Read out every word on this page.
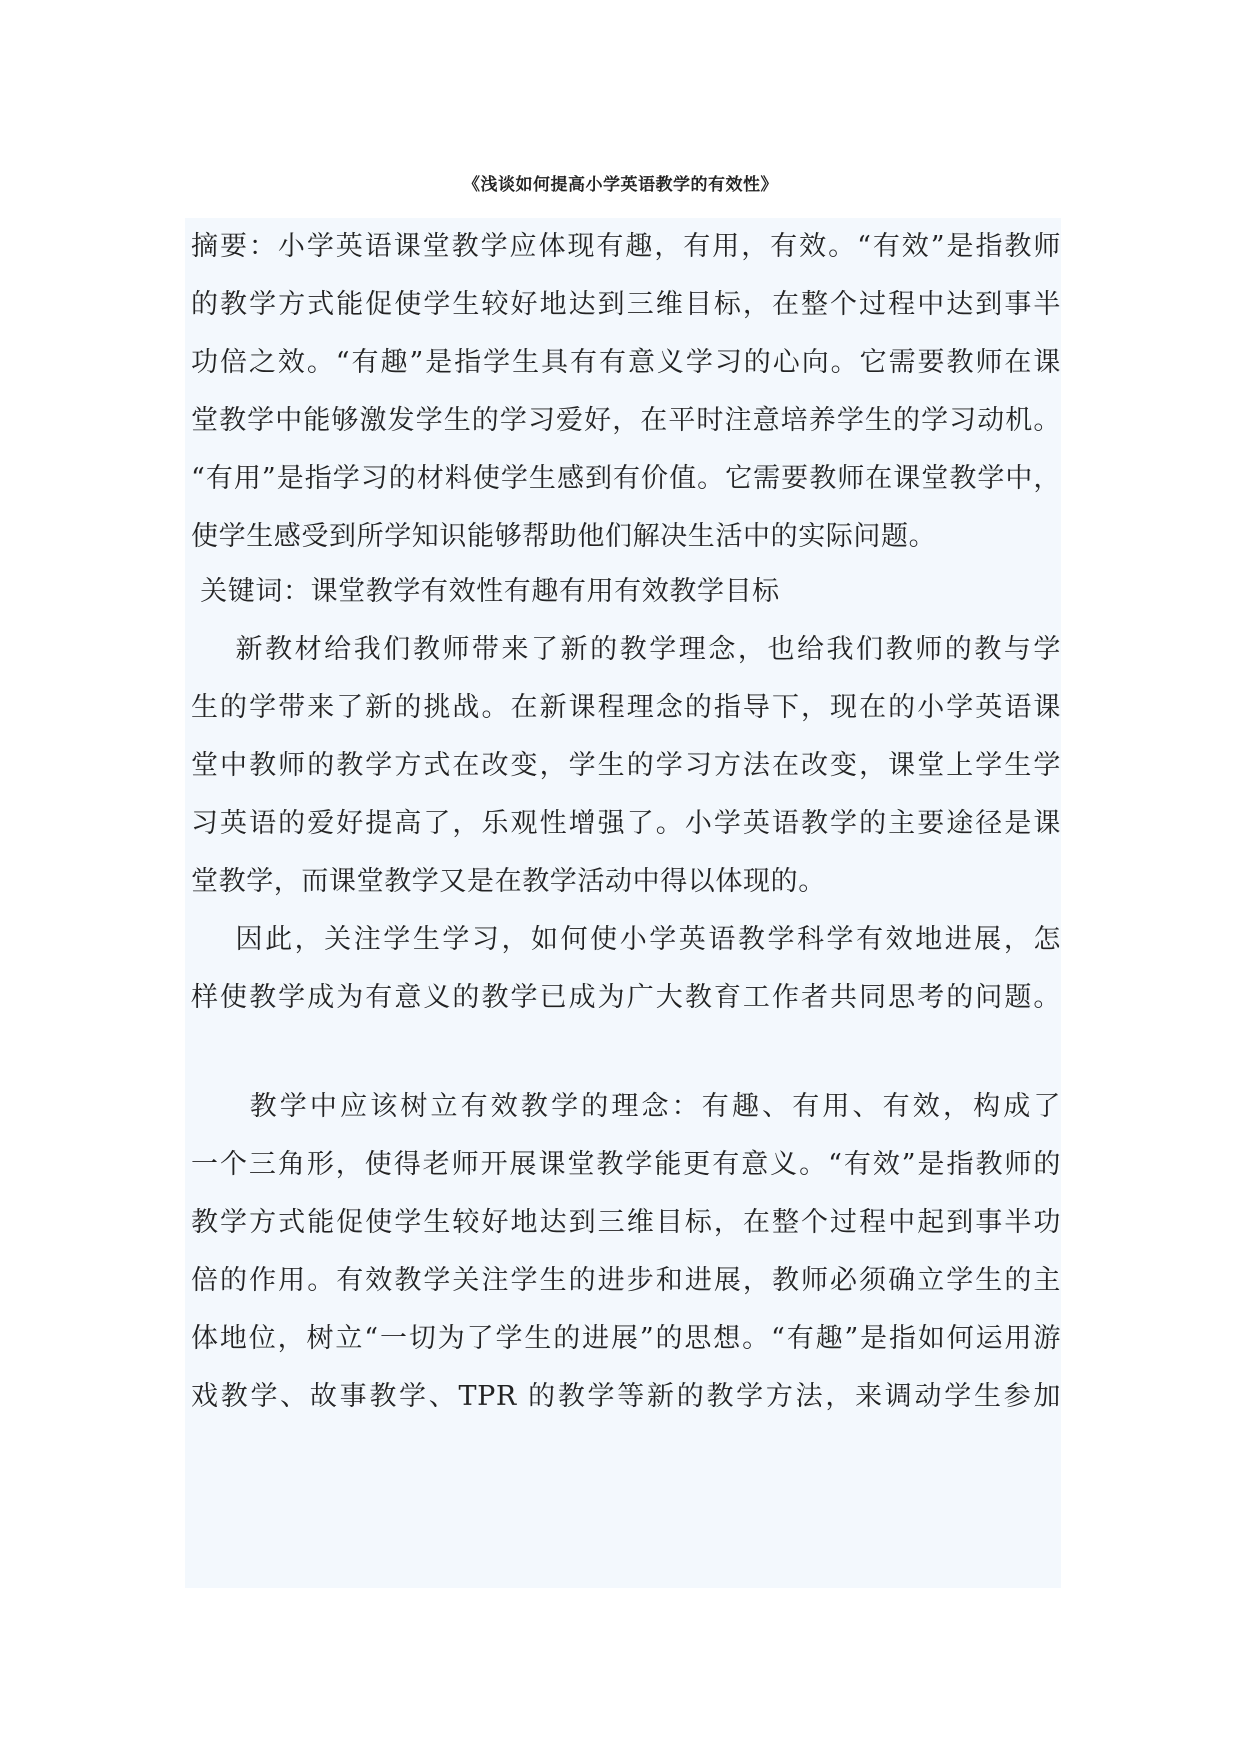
《浅谈如何提高小学英语教学的有效性》
摘要：小学英语课堂教学应体现有趣，有用，有效。“有效”是指教师
的教学方式能促使学生较好地达到三维目标，在整个过程中达到事半
功倍之效。“有趣”是指学生具有有意义学习的心向。它需要教师在课
堂教学中能够激发学生的学习爱好，在平时注意培养学生的学习动机。
“有用”是指学习的材料使学生感到有价值。它需要教师在课堂教学中，
使学生感受到所学知识能够帮助他们解决生活中的实际问题。
关键词：课堂教学有效性有趣有用有效教学目标
新教材给我们教师带来了新的教学理念，也给我们教师的教与学
生的学带来了新的挑战。在新课程理念的指导下，现在的小学英语课
堂中教师的教学方式在改变，学生的学习方法在改变，课堂上学生学
习英语的爱好提高了，乐观性增强了。小学英语教学的主要途径是课
堂教学，而课堂教学又是在教学活动中得以体现的。
因此，关注学生学习，如何使小学英语教学科学有效地进展，怎
样使教学成为有意义的教学已成为广大教育工作者共同思考的问题。
教学中应该树立有效教学的理念：有趣、有用、有效，构成了
一个三角形，使得老师开展课堂教学能更有意义。“有效”是指教师的
教学方式能促使学生较好地达到三维目标，在整个过程中起到事半功
倍的作用。有效教学关注学生的进步和进展，教师必须确立学生的主
体地位，树立“一切为了学生的进展”的思想。“有趣”是指如何运用游
戏教学、故事教学、TPR 的教学等新的教学方法，来调动学生参加
